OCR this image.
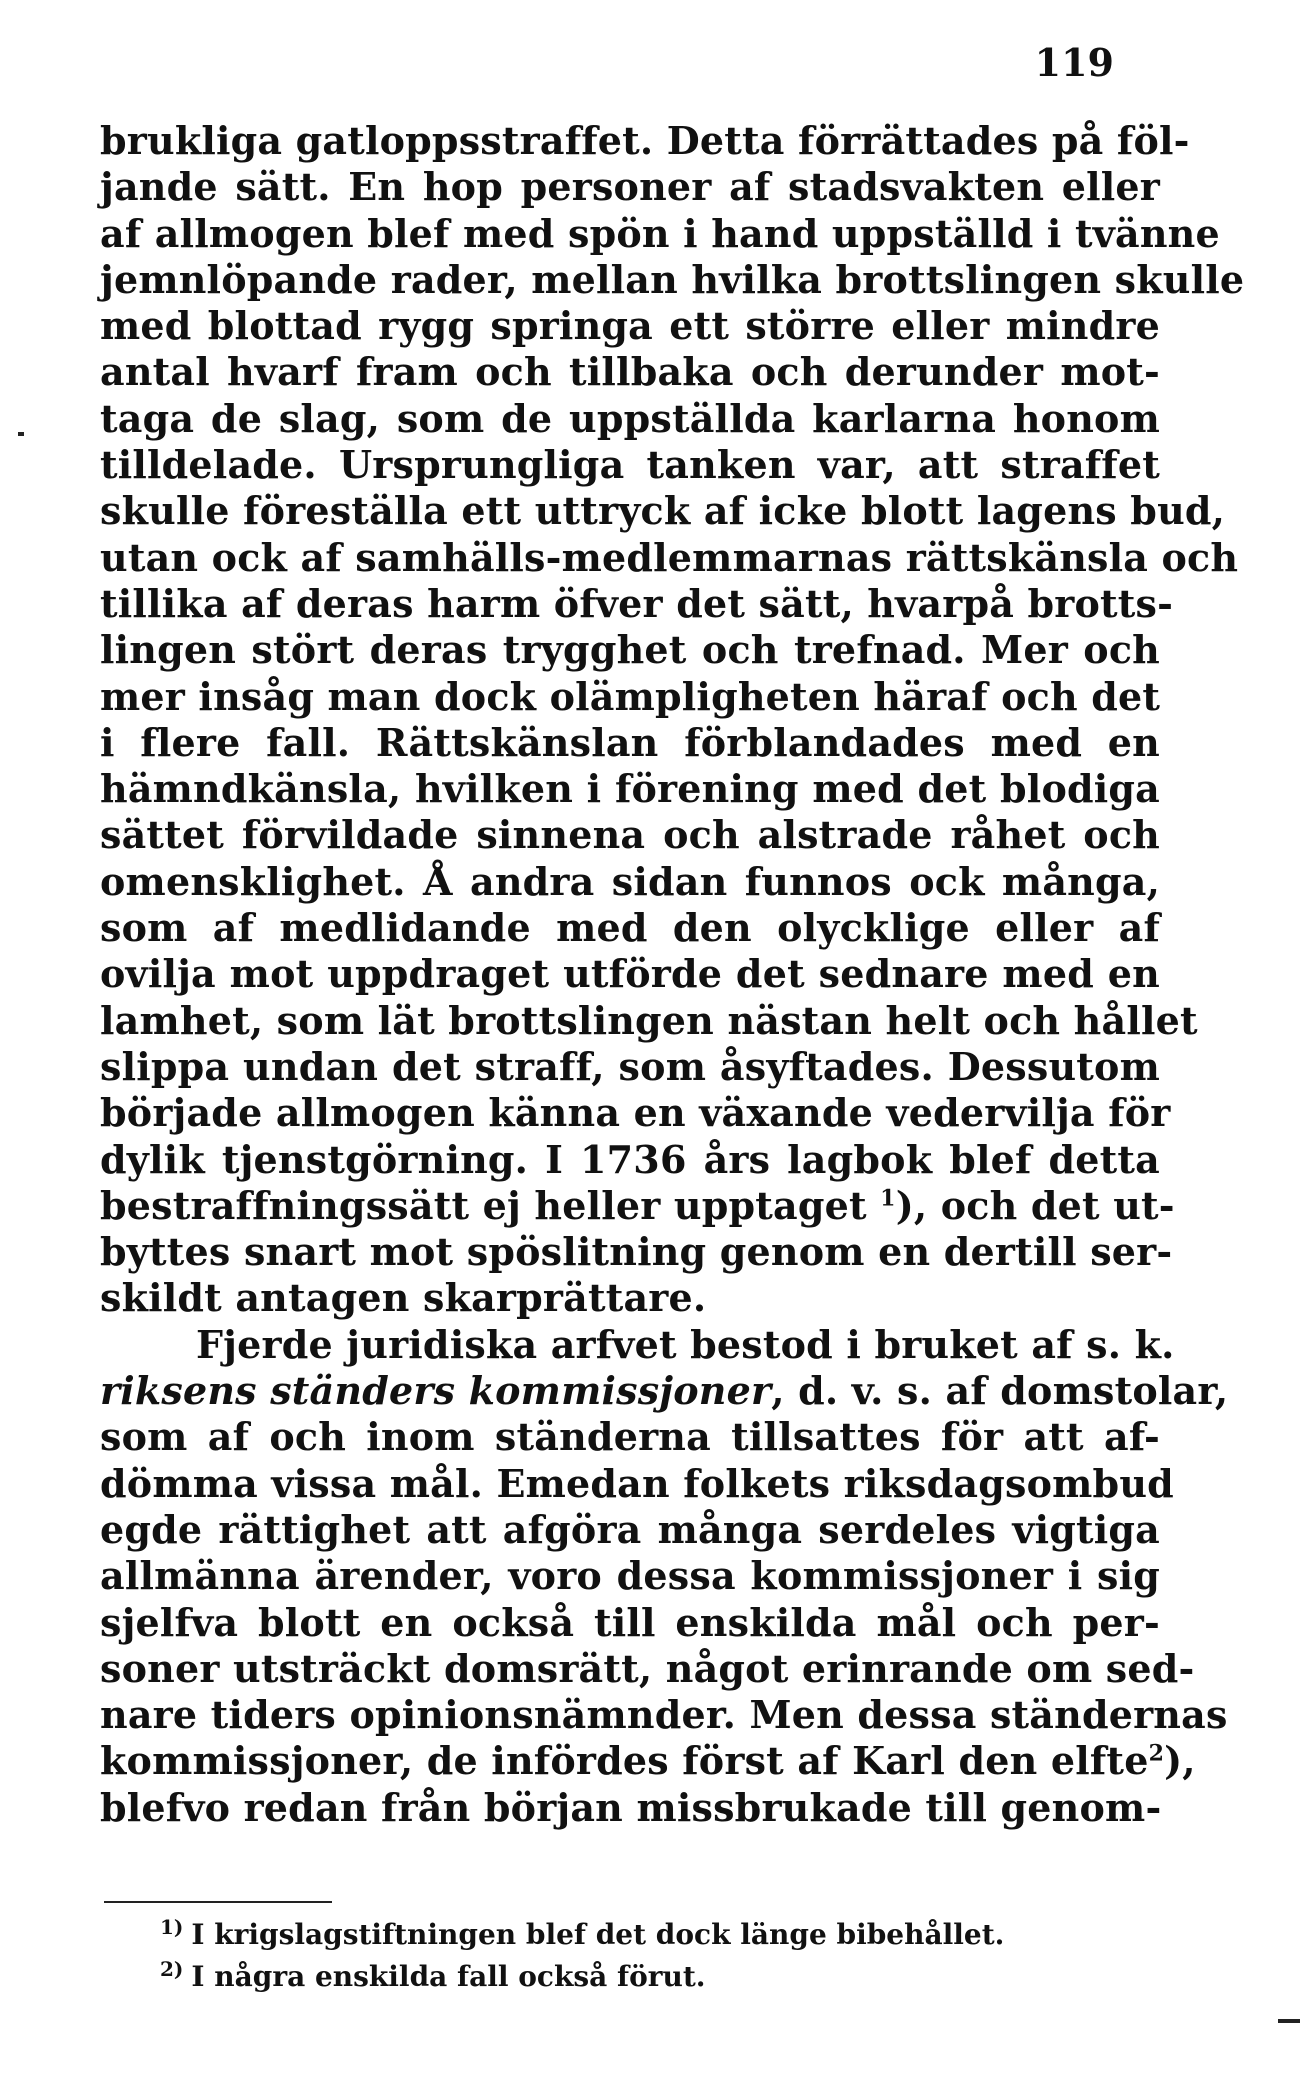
119
brukliga gatloppsstraffet. Detta förrättades på föl-
jande sätt. En hop personer af stadsvakten eller
af allmogen blef med spön i hand uppställd i tvänne
jemnlöpande rader, mellan hvilka brottslingen skulle
med blottad rygg springa ett större eller mindre
antal hvarf fram och tillbaka och derunder mot-
taga de slag, som de uppställda karlarna honom
tilldelade. Ursprungliga tanken var, att straffet
skulle föreställa ett uttryck af icke blott lagens bud,
utan ock af samhälls-medlemmarnas rättskänsla och
tillika af deras harm öfver det sätt, hvarpå brotts-
lingen stört deras trygghet och trefnad. Mer och
mer insåg man dock olämpligheten häraf och det
i flere fall. Rättskänslan förblandades med en
hämndkänsla, hvilken i förening med det blodiga
sättet förvildade sinnena och alstrade råhet och
omensklighet. Å andra sidan funnos ock många,
som af medlidande med den olycklige eller af
ovilja mot uppdraget utförde det sednare med en
lamhet, som lät brottslingen nästan helt och hållet
slippa undan det straff, som åsyftades. Dessutom
började allmogen känna en växande vedervilja för
dylik tjenstgörning. I 1736 års lagbok blef detta
bestraffningssätt ej heller upptaget $^1$), och det ut-
byttes snart mot spöslitning genom en dertill ser-
skildt antagen skarprättare.
Fjerde juridiska arfvet bestod i bruket af s. k.
riksens ständers kommissjoner, d. v. s. af domstolar,
som af och inom ständerna tillsattes för att af-
dömma vissa mål. Emedan folkets riksdagsombud
egde rättighet att afgöra många serdeles vigtiga
allmänna ärender, voro dessa kommissjoner i sig
sjelfva blott en också till enskilda mål och per-
soner utsträckt domsrätt, något erinrande om sed-
nare tiders opinionsnämnder. Men dessa ständernas
kommissjoner, de infördes först af Karl den elfte$^2$),
blefvo redan från början missbrukade till genom-
$^{1)}$ I krigslagstiftningen blef det dock länge bibehållet.
$^{2)}$ I några enskilda fall också förut.
